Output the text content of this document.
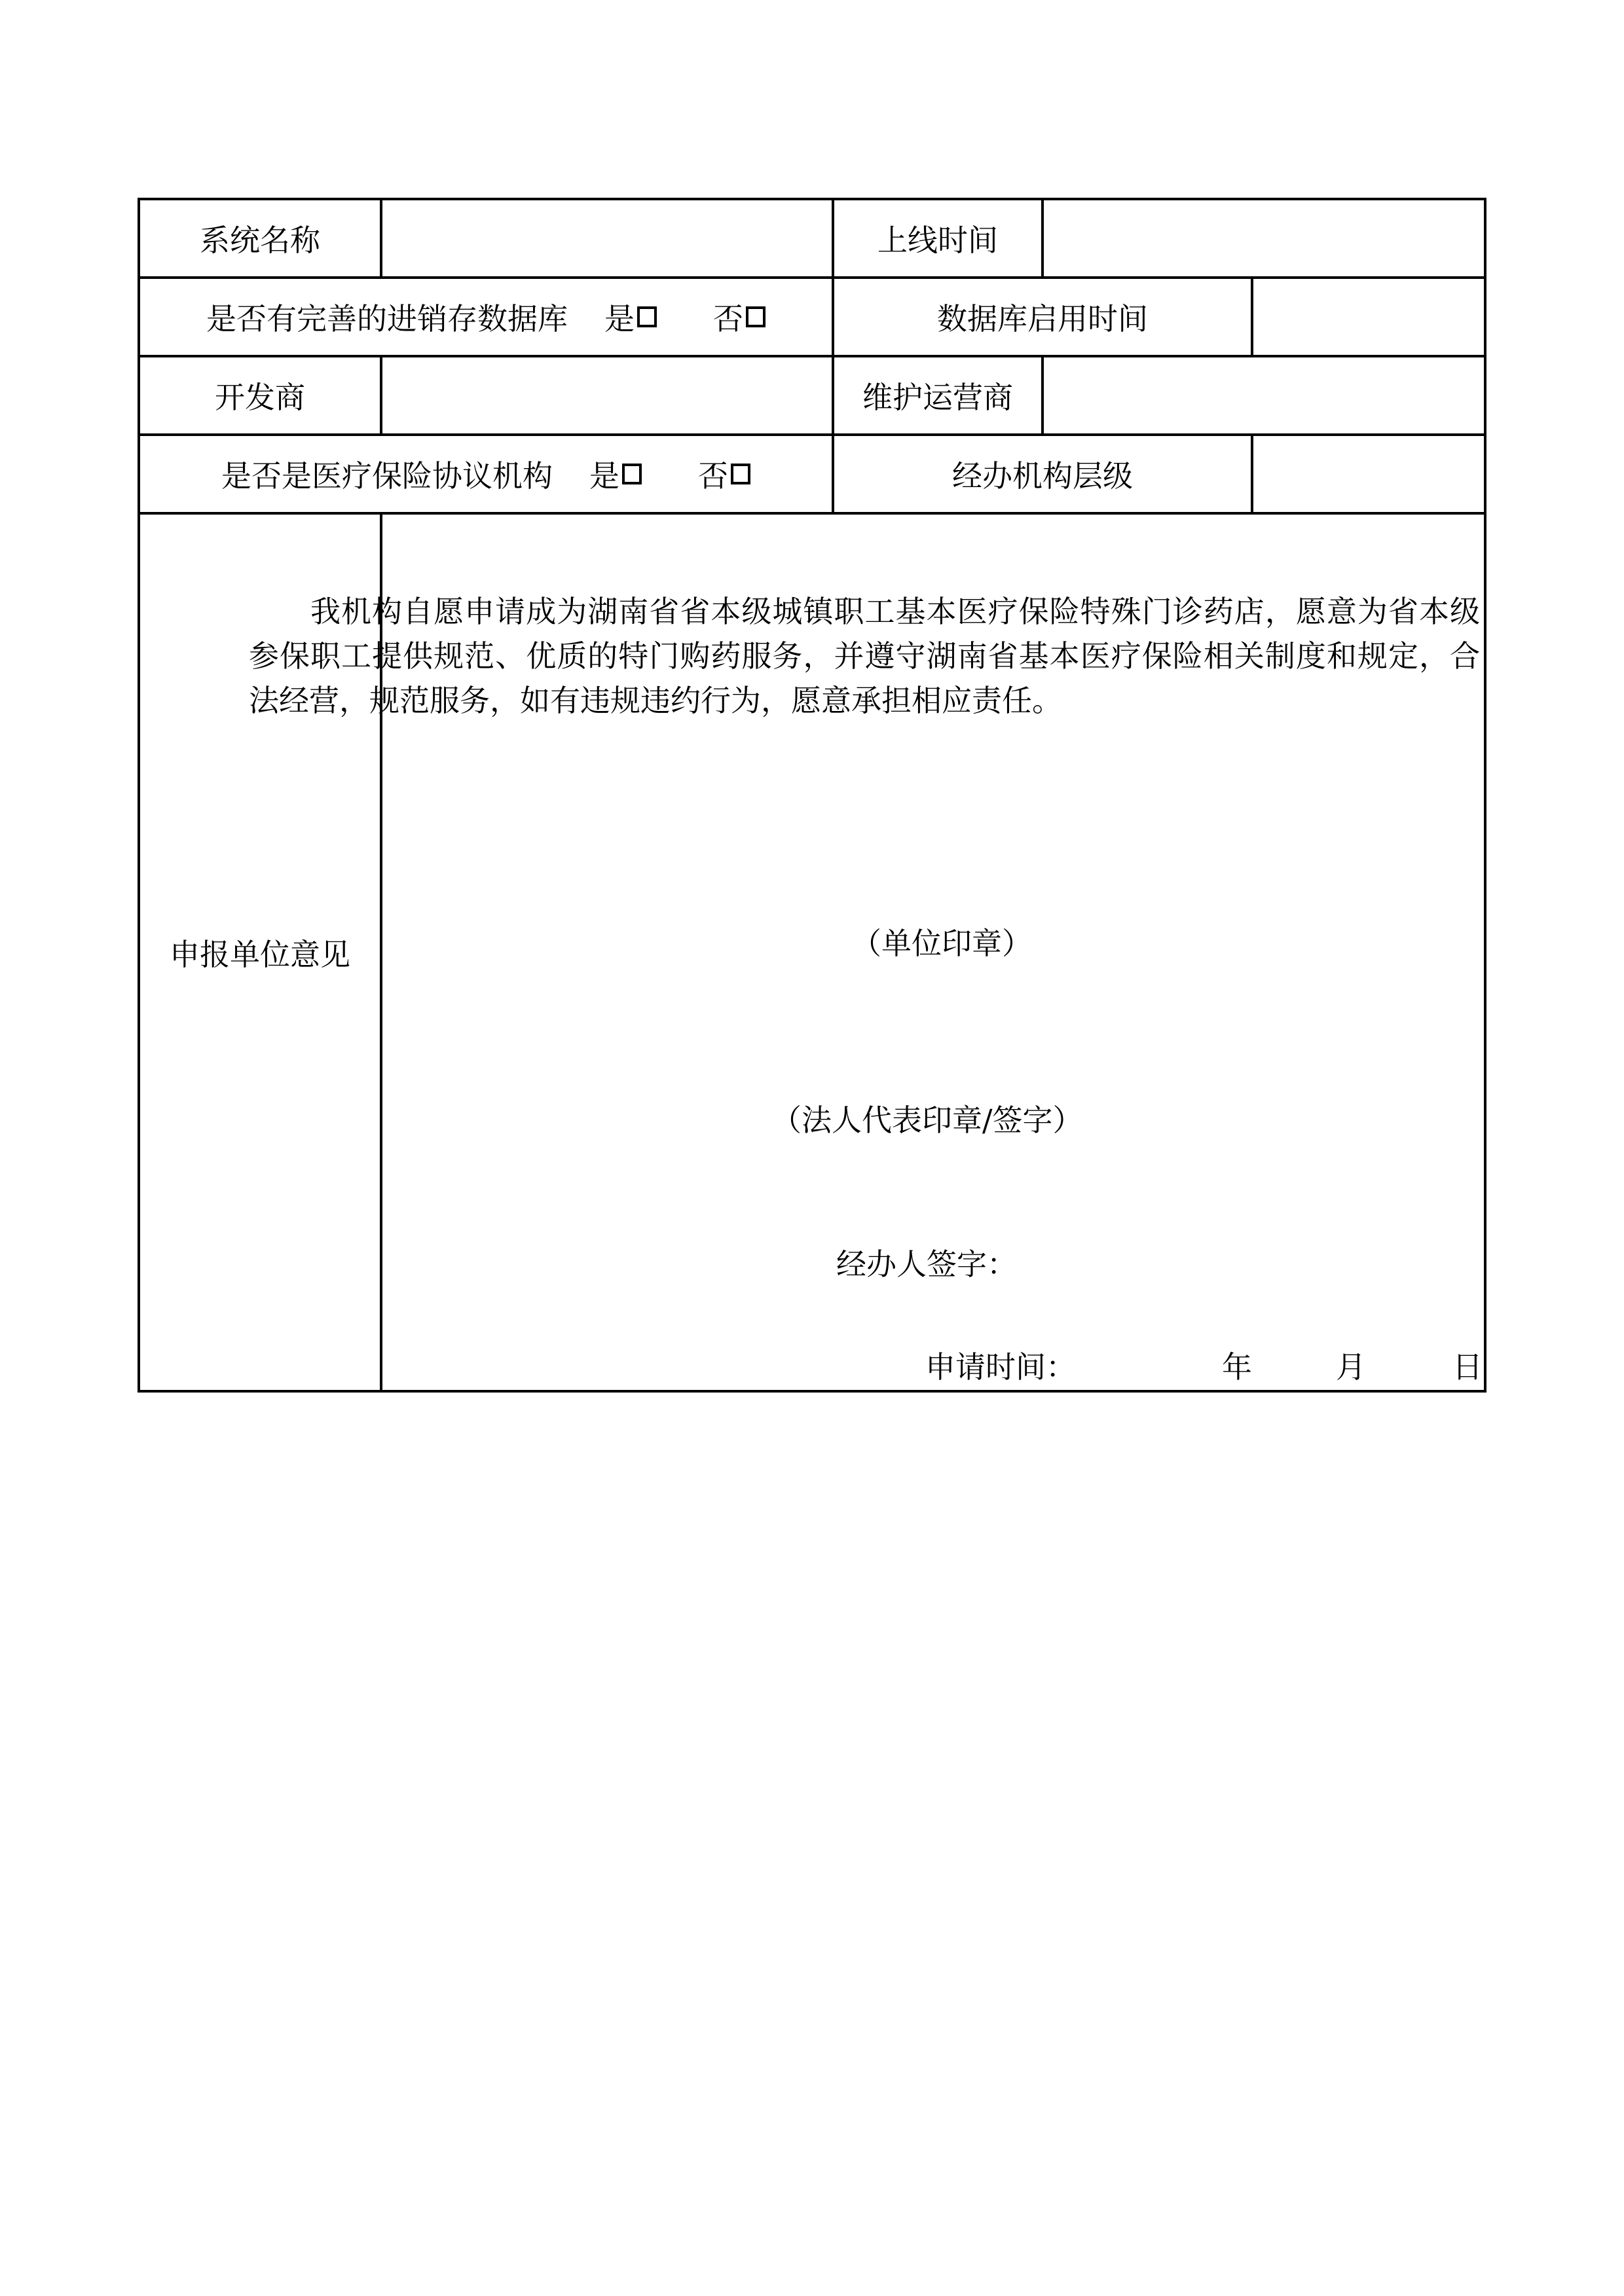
系统名称	上线时间
是否有完善的进销存数据库 是	否	数据库启用时间
开发商	维护运营商
是否是医疗保险协议机构 是	否	经办机构层级
申报单位意见
我机构自愿申请成为湖南省省本级城镇职工基本医疗保险特殊门诊药店，愿意为省本级参保职工提供规范、优质的特门购药服务，并遵守湖南省基本医疗保险相关制度和规定，合法经营，规范服务，如有违规违约行为，愿意承担相应责任。
（单位印章）
（法人代表印章/签字）
经办人签字：
申请时间：	年	月	日
